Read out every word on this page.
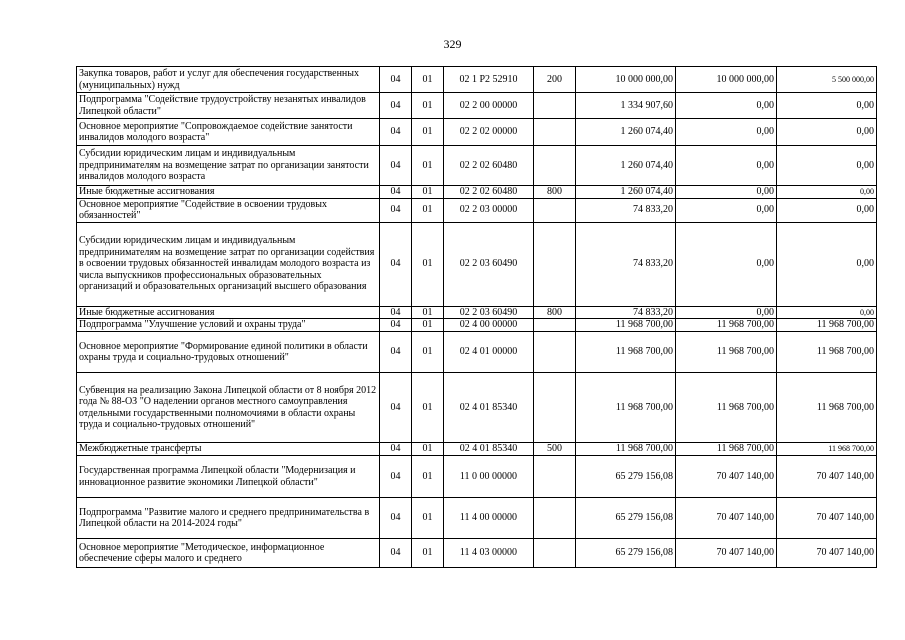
329
Закупка товаров, работ и услуг для обеспечения государственных (муниципальных) нужд	04	01	02 1 P2 52910	200	10 000 000,00	10 000 000,00	5 500 000,00
Подпрограмма "Содействие трудоустройству незанятых инвалидов Липецкой области"	04	01	02 2 00 00000		1 334 907,60	0,00	0,00
Основное мероприятие "Сопровождаемое содействие занятости инвалидов молодого возраста"	04	01	02 2 02 00000		1 260 074,40	0,00	0,00
Субсидии юридическим лицам и индивидуальным предпринимателям на возмещение затрат по организации занятости инвалидов молодого возраста	04	01	02 2 02 60480		1 260 074,40	0,00	0,00
Иные бюджетные ассигнования	04	01	02 2 02 60480	800	1 260 074,40	0,00	0,00
Основное мероприятие "Содействие в освоении трудовых обязанностей"	04	01	02 2 03 00000		74 833,20	0,00	0,00
Субсидии юридическим лицам и индивидуальным предпринимателям на возмещение затрат по организации содействия в освоении трудовых обязанностей инвалидам молодого возраста из числа выпускников профессиональных образовательных организаций и образовательных организаций высшего образования	04	01	02 2 03 60490		74 833,20	0,00	0,00
Иные бюджетные ассигнования	04	01	02 2 03 60490	800	74 833,20	0,00	0,00
Подпрограмма "Улучшение условий и охраны труда"	04	01	02 4 00 00000		11 968 700,00	11 968 700,00	11 968 700,00
Основное мероприятие "Формирование единой политики в области охраны труда и социально-трудовых отношений"	04	01	02 4 01 00000		11 968 700,00	11 968 700,00	11 968 700,00
Субвенция на реализацию Закона Липецкой области от 8 ноября 2012 года № 88-ОЗ "О наделении органов местного самоуправления отдельными государственными полномочиями в области охраны труда и социально-трудовых отношений"	04	01	02 4 01 85340		11 968 700,00	11 968 700,00	11 968 700,00
Межбюджетные трансферты	04	01	02 4 01 85340	500	11 968 700,00	11 968 700,00	11 968 700,00
Государственная программа Липецкой области "Модернизация и инновационное развитие экономики Липецкой области"	04	01	11 0 00 00000		65 279 156,08	70 407 140,00	70 407 140,00
Подпрограмма "Развитие малого и среднего предпринимательства в Липецкой области на 2014-2024 годы"	04	01	11 4 00 00000		65 279 156,08	70 407 140,00	70 407 140,00
Основное мероприятие "Методическое, информационное обеспечение сферы малого и среднего	04	01	11 4 03 00000		65 279 156,08	70 407 140,00	70 407 140,00
